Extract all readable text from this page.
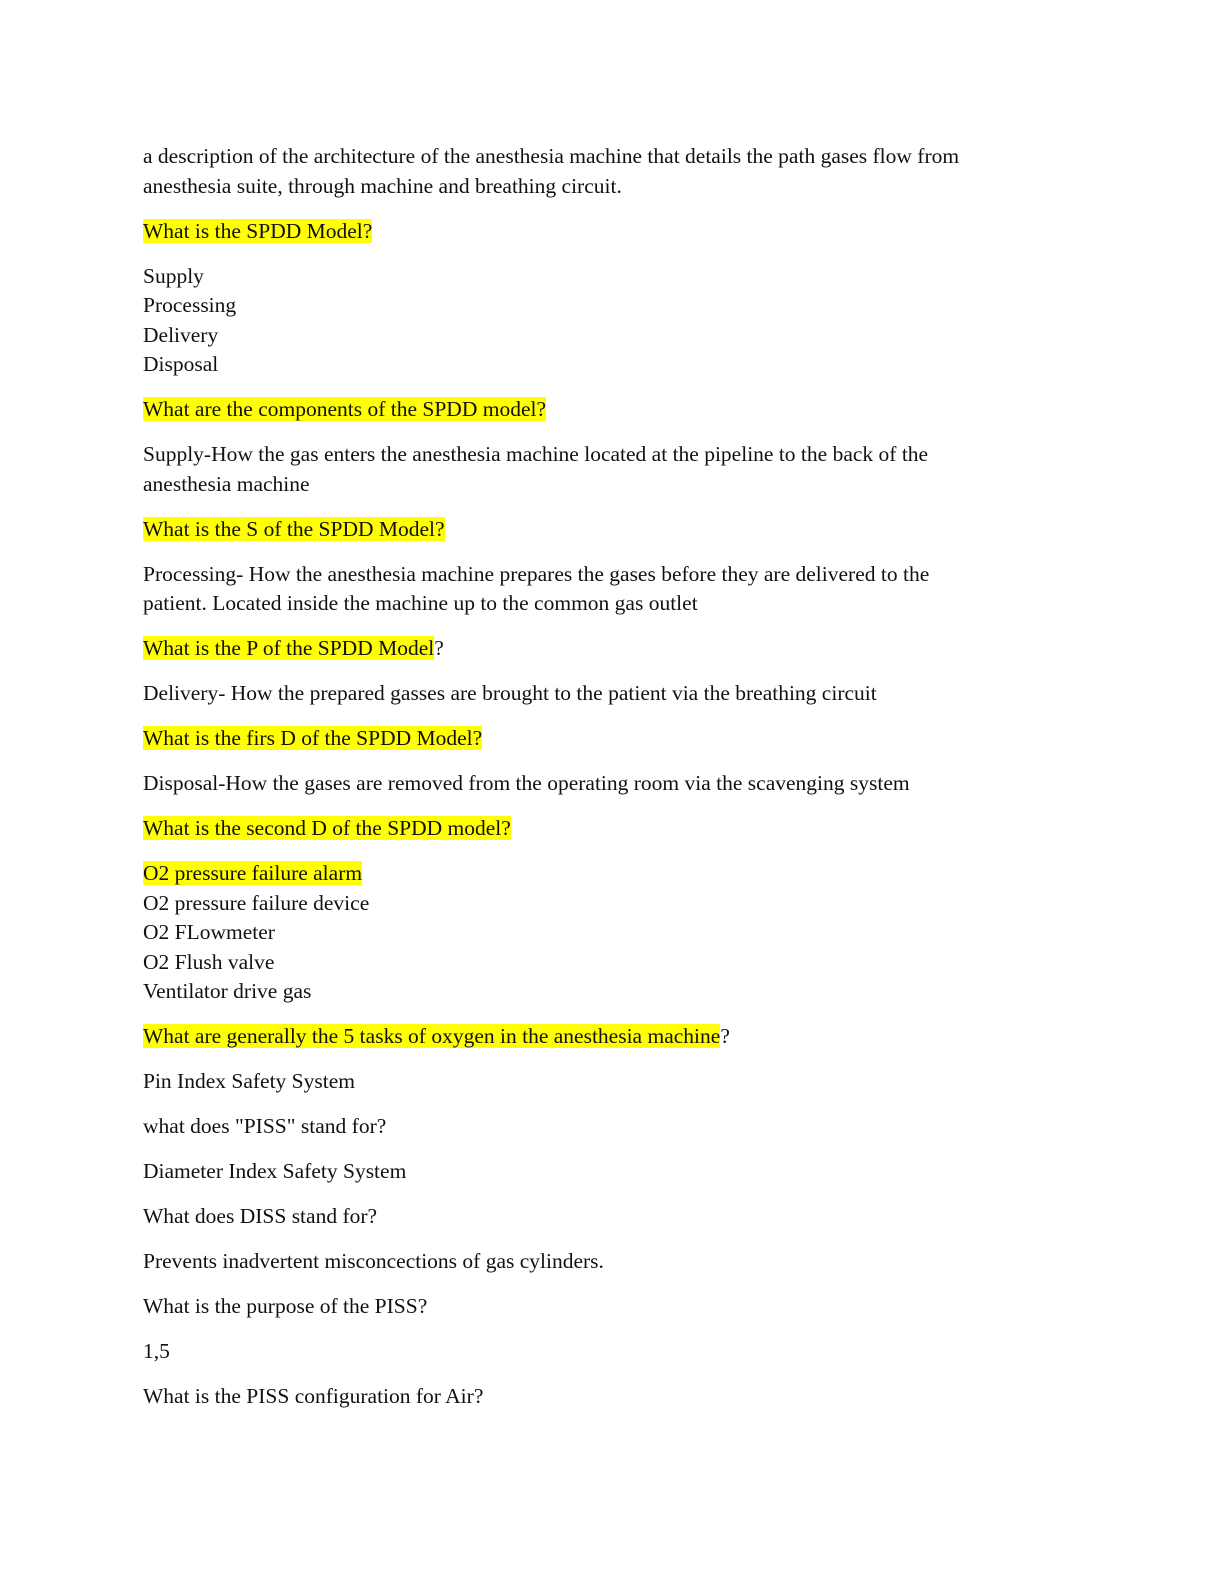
a description of the architecture of the anesthesia machine that details the path gases flow from
anesthesia suite, through machine and breathing circuit.

What is the SPDD Model?

Supply
Processing
Delivery
Disposal

What are the components of the SPDD model?

Supply-How the gas enters the anesthesia machine located at the pipeline to the back of the
anesthesia machine

What is the S of the SPDD Model?

Processing- How the anesthesia machine prepares the gases before they are delivered to the
patient. Located inside the machine up to the common gas outlet

What is the P of the SPDD Model?

Delivery- How the prepared gasses are brought to the patient via the breathing circuit

What is the firs D of the SPDD Model?

Disposal-How the gases are removed from the operating room via the scavenging system

What is the second D of the SPDD model?

O2 pressure failure alarm
O2 pressure failure device
O2 FLowmeter
O2 Flush valve
Ventilator drive gas

What are generally the 5 tasks of oxygen in the anesthesia machine?

Pin Index Safety System

what does "PISS" stand for?

Diameter Index Safety System

What does DISS stand for?

Prevents inadvertent misconcections of gas cylinders.

What is the purpose of the PISS?

1,5

What is the PISS configuration for Air?
